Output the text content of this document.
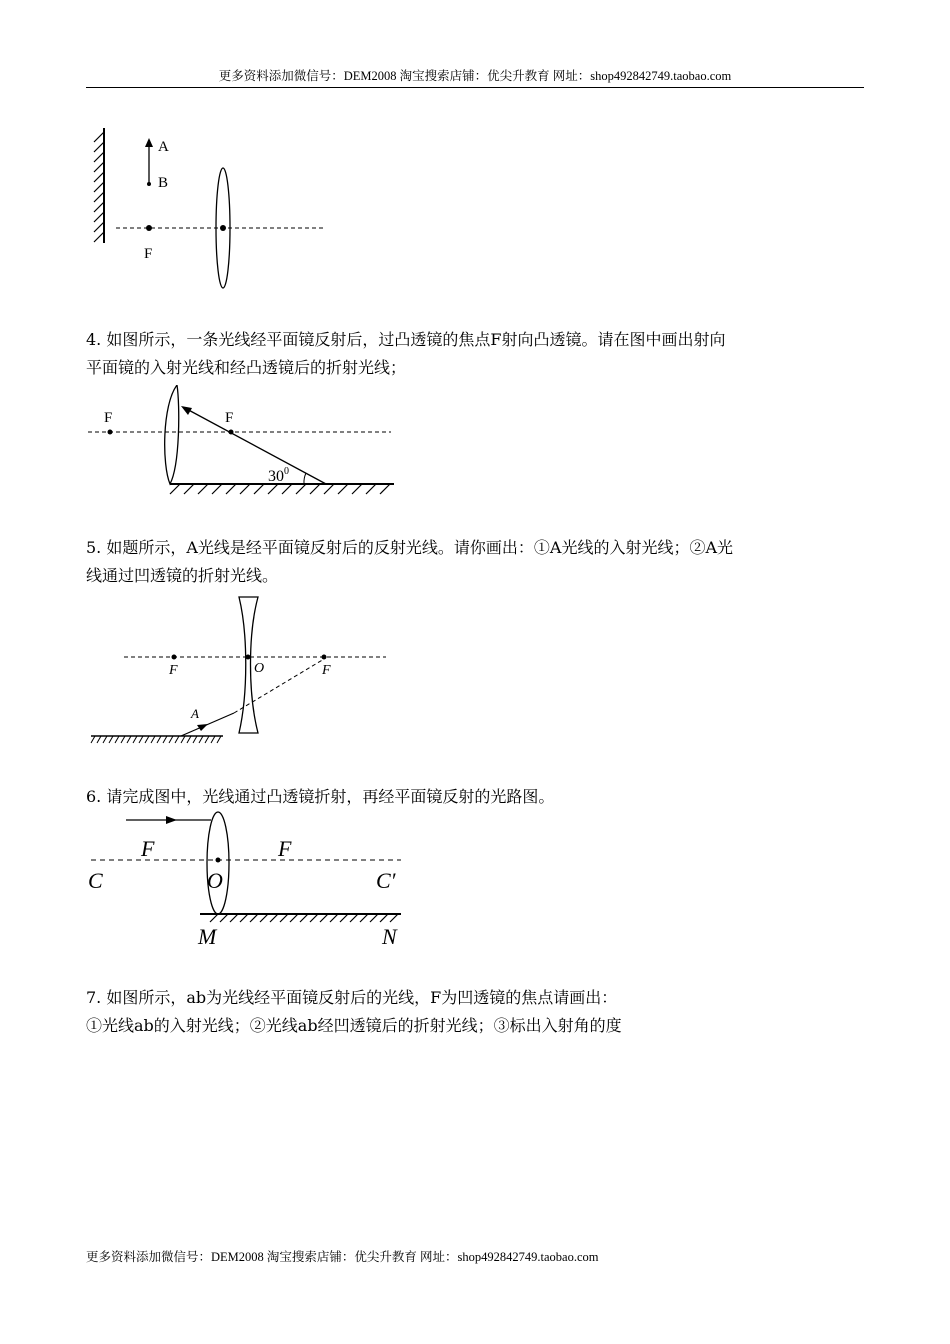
更多资料添加微信号：DEM2008 淘宝搜索店铺：优尖升教育 网址：shop492842749.taobao.com
A
B
F

4. 如图所示，一条光线经平面镜反射后，过凸透镜的焦点F射向凸透镜。请在图中画出射向

平面镜的入射光线和经凸透镜后的折射光线；

F	F
$30^0$

5. 如题所示，A光线是经平面镜反射后的反射光线。请你画出：①A光线的入射光线；②A光

线通过凹透镜的折射光线。

F	O	F
A

6. 请完成图中，光线通过凸透镜折射，再经平面镜反射的光路图。

F	F
C	O	C′
M	N

7. 如图所示，ab为光线经平面镜反射后的光线，F为凹透镜的焦点请画出：

①光线ab的入射光线；②光线ab经凹透镜后的折射光线；③标出入射角的度

更多资料添加微信号：DEM2008 淘宝搜索店铺：优尖升教育 网址：shop492842749.taobao.com
